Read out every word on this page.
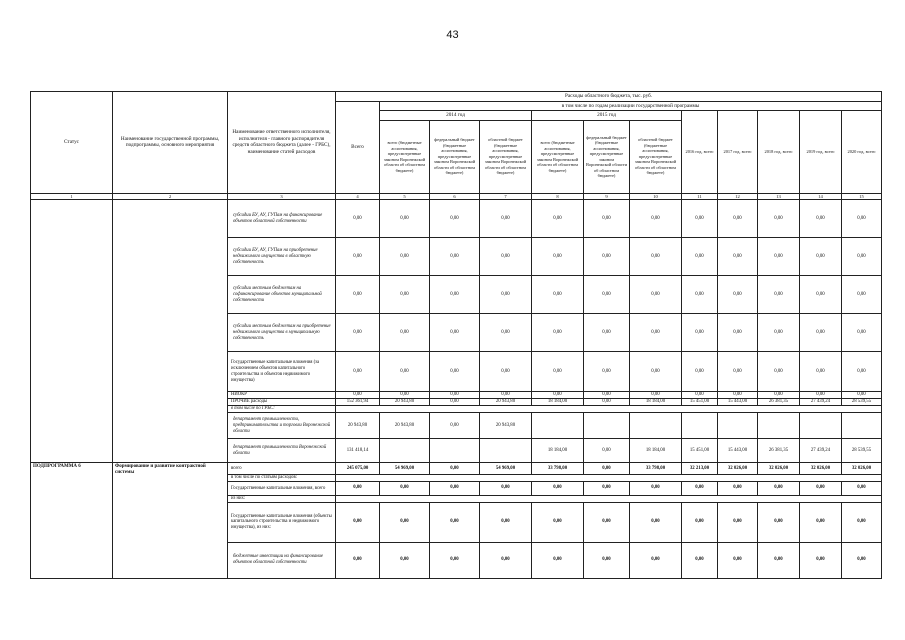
43
Статус	Наименование государственной программы, подпрограммы, основного мероприятия	Наименование ответственного исполнителя, исполнителя - главного распорядителя средств областного бюджета (далее - ГРБС), наименование статей расходов	Расходы областного бюджета, тыс. руб.											
			Всего	в том числе по годам реализации государственной программы										
				2014 год			2015 год			2016 год, всего	2017 год, всего	2018 год, всего	2019 год, всего	2020 год, всего
				всего (бюджетные ассигнования, предусмотренные законом Воронежской области об областном бюджете)	федеральный бюджет (бюджетные ассигнования, предусмотренные законом Воронежской области об областном бюджете)	областной бюджет (бюджетные ассигнования, предусмотренные законом Воронежской области об областном бюджете)	всего (бюджетные ассигнования, предусмотренные законом Воронежской области об областном бюджете)	федеральный бюджет (бюджетные ассигнования, предусмотренные законом Воронежской области об областном бюджете)	областной бюджет (бюджетные ассигнования, предусмотренные законом Воронежской области об областном бюджете)					
1	2	3	4	5	6	7	8	9	10	11	12	13	14	15
		субсидии БУ, АУ, ГУПам на финансирование объектов областной собственности	0,00	0,00	0,00	0,00	0,00	0,00	0,00	0,00	0,00	0,00	0,00	0,00
		субсидии БУ, АУ, ГУПам на приобретение недвижимого имущества в областную собственность	0,00	0,00	0,00	0,00	0,00	0,00	0,00	0,00	0,00	0,00	0,00	0,00
		субсидии местным бюджетам на софинансирование объектов муниципальной собственности	0,00	0,00	0,00	0,00	0,00	0,00	0,00	0,00	0,00	0,00	0,00	0,00
		субсидии местным бюджетам на приобретение недвижимого имущества в муниципальную собственность	0,00	0,00	0,00	0,00	0,00	0,00	0,00	0,00	0,00	0,00	0,00	0,00
		Государственные капитальные вложения (за исключением объектов капитального строительства и объектов недвижимого имущества)	0,00	0,00	0,00	0,00	0,00	0,00	0,00	0,00	0,00	0,00	0,00	0,00
		НИОКР	0,00	0,00	0,00	0,00	0,00	0,00	0,00	0,00	0,00	0,00	0,00	0,00
		ПРОЧИЕ расходы	152 361,94	20 943,80	0,00	20 943,80	18 184,00	0,00	18 184,00	15 451,00	15 443,00	26 381,35	27 439,24	28 539,55
		в том числе по ГРБС:												
		департамент промышленности, предпринимательства и торговли Воронежской области	20 943,80	20 943,80	0,00	20 943,80								
		департамент промышленности Воронежской области	131 418,14				18 184,00	0,00	18 184,00	15 451,00	15 443,00	26 381,35	27 439,24	28 539,55
ПОДПРОГРАММА 6	Формирование и развитие контрактной системы	всего	245 075,00	54 969,00	0,00	54 969,00	33 798,00	0,00	33 798,00	32 213,00	32 026,00	32 026,00	32 026,00	32 026,00
		в том числе по статьям расходов:												
		Государственные капитальные вложения, всего	0,00	0,00	0,00	0,00	0,00	0,00	0,00	0,00	0,00	0,00	0,00	0,00
		из них:												
		Государственные капитальные вложения (объекты капитального строительства и недвижимого имущества), из них:	0,00	0,00	0,00	0,00	0,00	0,00	0,00	0,00	0,00	0,00	0,00	0,00
		бюджетные инвестиции на финансирование объектов областной собственности	0,00	0,00	0,00	0,00	0,00	0,00	0,00	0,00	0,00	0,00	0,00	0,00
